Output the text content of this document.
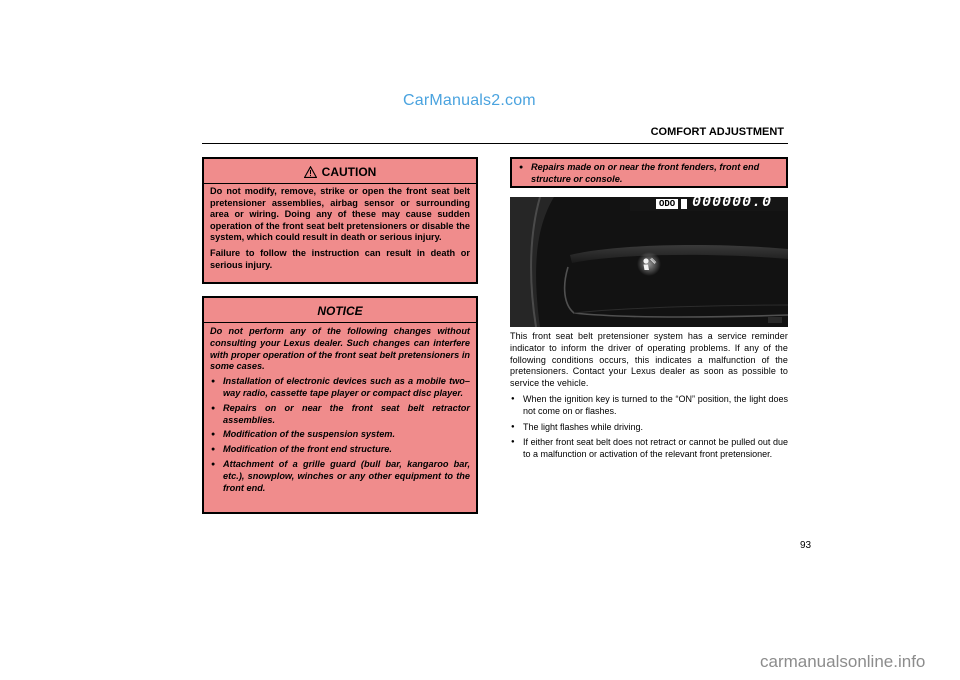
CarManuals2.com
COMFORT ADJUSTMENT
CAUTION

Do not modify, remove, strike or open the front seat belt pretensioner assemblies, airbag sensor or surrounding area or wiring. Doing any of these may cause sudden operation of the front seat belt pretensioners or disable the system, which could result in death or serious injury.

Failure to follow the instruction can result in death or serious injury.

NOTICE

Do not perform any of the following changes without consulting your Lexus dealer. Such changes can interfere with proper operation of the front seat belt pretensioners in some cases.

● Installation of electronic devices such as a mobile two–way radio, cassette tape player or compact disc player.
● Repairs on or near the front seat belt retractor assemblies.
● Modification of the suspension system.
● Modification of the front end structure.
● Attachment of a grille guard (bull bar, kangaroo bar, etc.), snowplow, winches or any other equipment to the front end.
● Repairs made on or near the front fenders, front end structure or console.
ODO 000000.0

This front seat belt pretensioner system has a service reminder indicator to inform the driver of operating problems. If any of the following conditions occurs, this indicates a malfunction of the pretensioners. Contact your Lexus dealer as soon as possible to service the vehicle.

● When the ignition key is turned to the “ON” position, the light does not come on or flashes.
● The light flashes while driving.
● If either front seat belt does not retract or cannot be pulled out due to a malfunction or activation of the relevant front pretensioner.
93
carmanualsonline.info
